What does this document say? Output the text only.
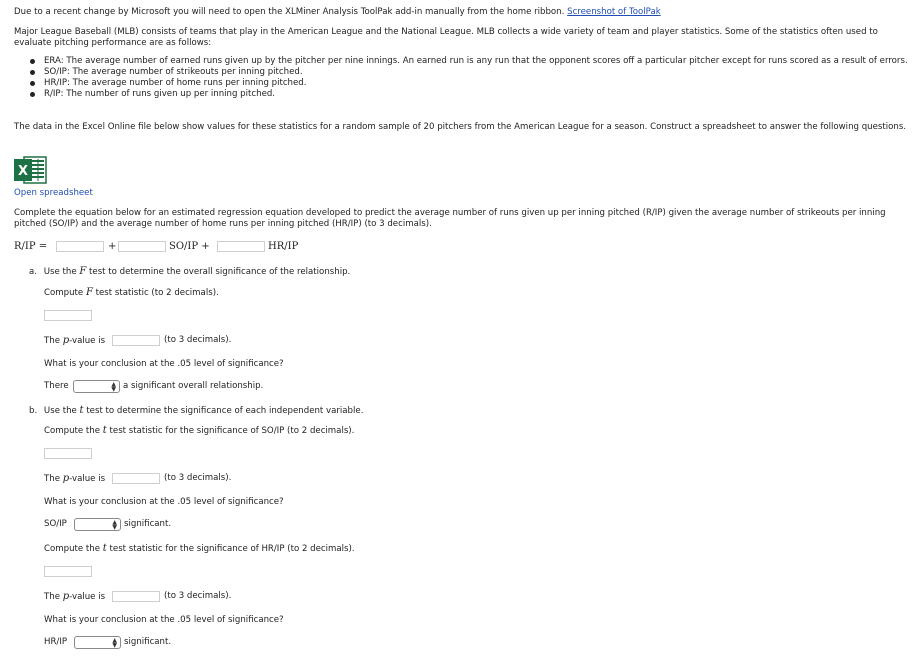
Due to a recent change by Microsoft you will need to open the XLMiner Analysis ToolPak add-in manually from the home ribbon. Screenshot of ToolPak
Major League Baseball (MLB) consists of teams that play in the American League and the National League. MLB collects a wide variety of team and player statistics. Some of the statistics often used to evaluate pitching performance are as follows:
ERA: The average number of earned runs given up by the pitcher per nine innings. An earned run is any run that the opponent scores off a particular pitcher except for runs scored as a result of errors.
SO/IP: The average number of strikeouts per inning pitched.
HR/IP: The average number of home runs per inning pitched.
R/IP: The number of runs given up per inning pitched.
The data in the Excel Online file below show values for these statistics for a random sample of 20 pitchers from the American League for a season. Construct a spreadsheet to answer the following questions.
X
Open spreadsheet
Complete the equation below for an estimated regression equation developed to predict the average number of runs given up per inning pitched (R/IP) given the average number of strikeouts per inning pitched (SO/IP) and the average number of home runs per inning pitched (HR/IP) (to 3 decimals).
R/IP =	+	SO/IP +	HR/IP
a. Use the F test to determine the overall significance of the relationship.
Compute F test statistic (to 2 decimals).
The p-value is	(to 3 decimals).
What is your conclusion at the .05 level of significance?
There	▲
▼ a significant overall relationship.
b. Use the t test to determine the significance of each independent variable.
Compute the t test statistic for the significance of SO/IP (to 2 decimals).
The p-value is	(to 3 decimals).
What is your conclusion at the .05 level of significance?
SO/IP	▲
▼ significant.
Compute the t test statistic for the significance of HR/IP (to 2 decimals).
The p-value is	(to 3 decimals).
What is your conclusion at the .05 level of significance?
HR/IP	▲
▼ significant.
